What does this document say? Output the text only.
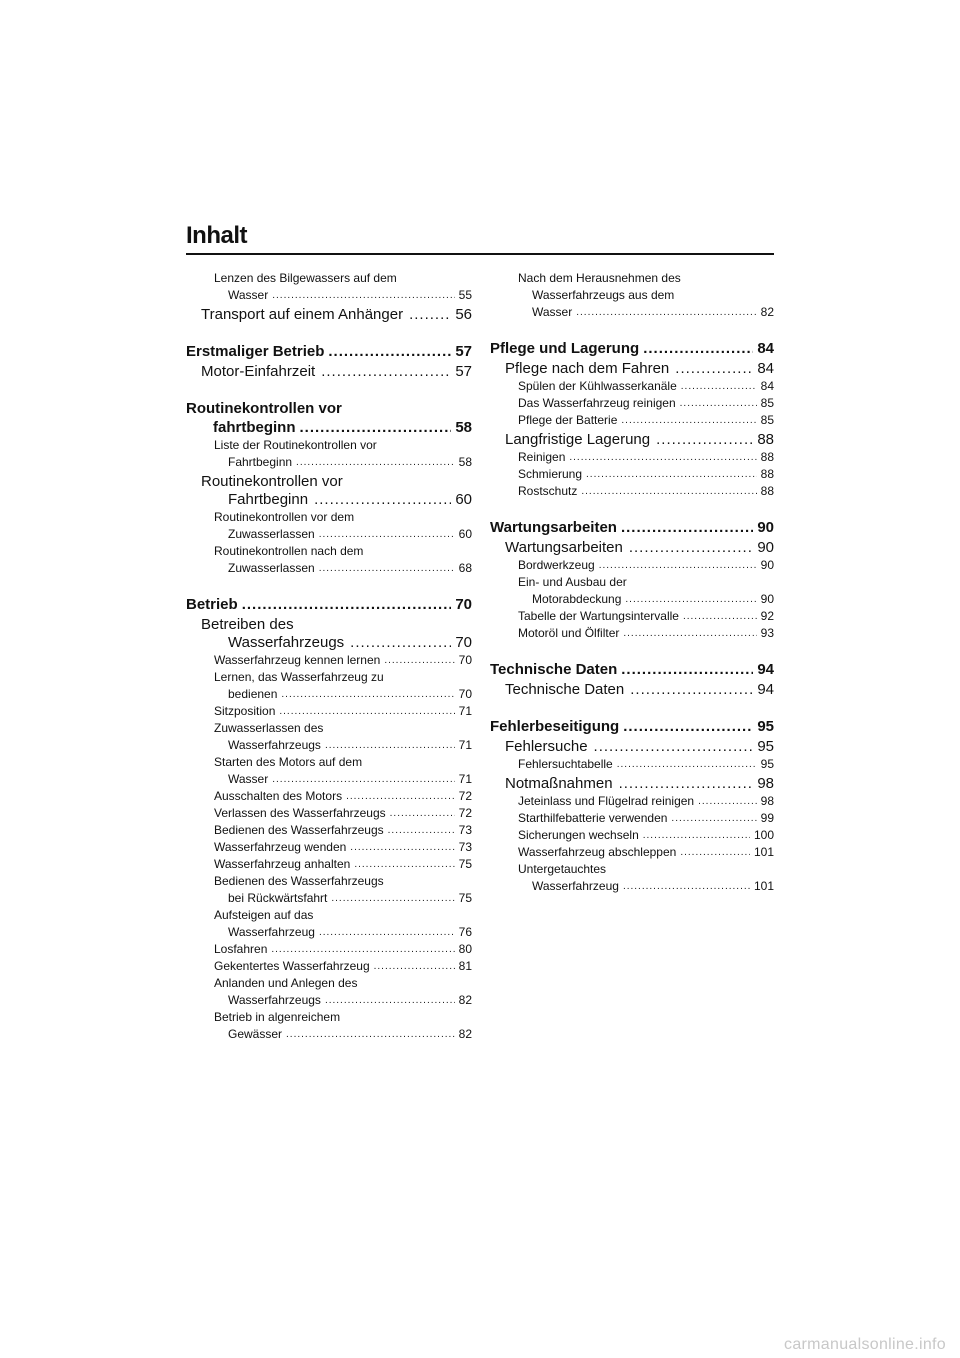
Inhalt
Lenzen des Bilgewassers auf dem
Wasser .....	55
Transport auf einem Anhänger .....	56
Erstmaliger Betrieb .....	57
Motor-Einfahrzeit .....	57
Routinekontrollen vor
fahrtbeginn .....	58
Liste der Routinekontrollen vor
Fahrtbeginn .....	58
Routinekontrollen vor
Fahrtbeginn .....	60
Routinekontrollen vor dem
Zuwasserlassen .....	60
Routinekontrollen nach dem
Zuwasserlassen .....	68
Betrieb .....	70
Betreiben des
Wasserfahrzeugs .....	70
Wasserfahrzeug kennen lernen .....	70
Lernen, das Wasserfahrzeug zu
bedienen .....	70
Sitzposition .....	71
Zuwasserlassen des
Wasserfahrzeugs .....	71
Starten des Motors auf dem
Wasser .....	71
Ausschalten des Motors .....	72
Verlassen des Wasserfahrzeugs .....	72
Bedienen des Wasserfahrzeugs .....	73
Wasserfahrzeug wenden .....	73
Wasserfahrzeug anhalten .....	75
Bedienen des Wasserfahrzeugs
bei Rückwärtsfahrt .....	75
Aufsteigen auf das
Wasserfahrzeug .....	76
Losfahren .....	80
Gekentertes Wasserfahrzeug .....	81
Anlanden und Anlegen des
Wasserfahrzeugs .....	82
Betrieb in algenreichem
Gewässer .....	82
Nach dem Herausnehmen des
Wasserfahrzeugs aus dem
Wasser .....	82
Pflege und Lagerung .....	84
Pflege nach dem Fahren .....	84
Spülen der Kühlwasserkanäle .....	84
Das Wasserfahrzeug reinigen .....	85
Pflege der Batterie .....	85
Langfristige Lagerung .....	88
Reinigen .....	88
Schmierung .....	88
Rostschutz .....	88
Wartungsarbeiten .....	90
Wartungsarbeiten .....	90
Bordwerkzeug .....	90
Ein- und Ausbau der
Motorabdeckung .....	90
Tabelle der Wartungsintervalle .....	92
Motoröl und Ölfilter .....	93
Technische Daten .....	94
Technische Daten .....	94
Fehlerbeseitigung .....	95
Fehlersuche .....	95
Fehlersuchtabelle .....	95
Notmaßnahmen .....	98
Jeteinlass und Flügelrad reinigen .....	98
Starthilfebatterie verwenden .....	99
Sicherungen wechseln .....	100
Wasserfahrzeug abschleppen .....	101
Untergetauchtes
Wasserfahrzeug .....	101
carmanualsonline.info
